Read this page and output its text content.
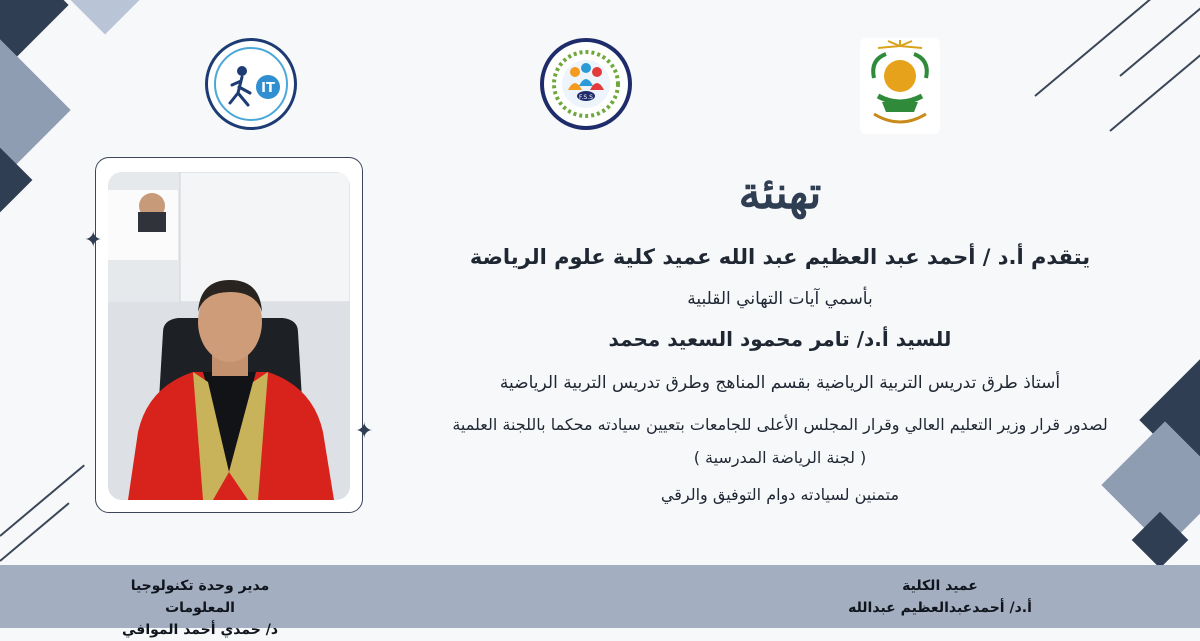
IT
F.S.S
✦
✦
تهنئة

يتقدم أ.د / أحمد عبد العظيم عبد الله عميد كلية علوم الرياضة

بأسمي آيات التهاني القلبية

للسيد أ.د/ تامر محمود السعيد محمد

أستاذ طرق تدريس التربية الرياضية بقسم المناهج وطرق تدريس التربية الرياضية

لصدور قرار وزير التعليم العالي وقرار المجلس الأعلى للجامعات بتعيين سيادته محكما باللجنة العلمية

( لجنة الرياضة المدرسية )

متمنين لسيادته دوام التوفيق والرقي

مدير وحدة تكنولوجيا المعلومات
د/ حمدي أحمد الموافي
عميد الكلية
أ.د/ أحمدعبدالعظيم عبدالله
